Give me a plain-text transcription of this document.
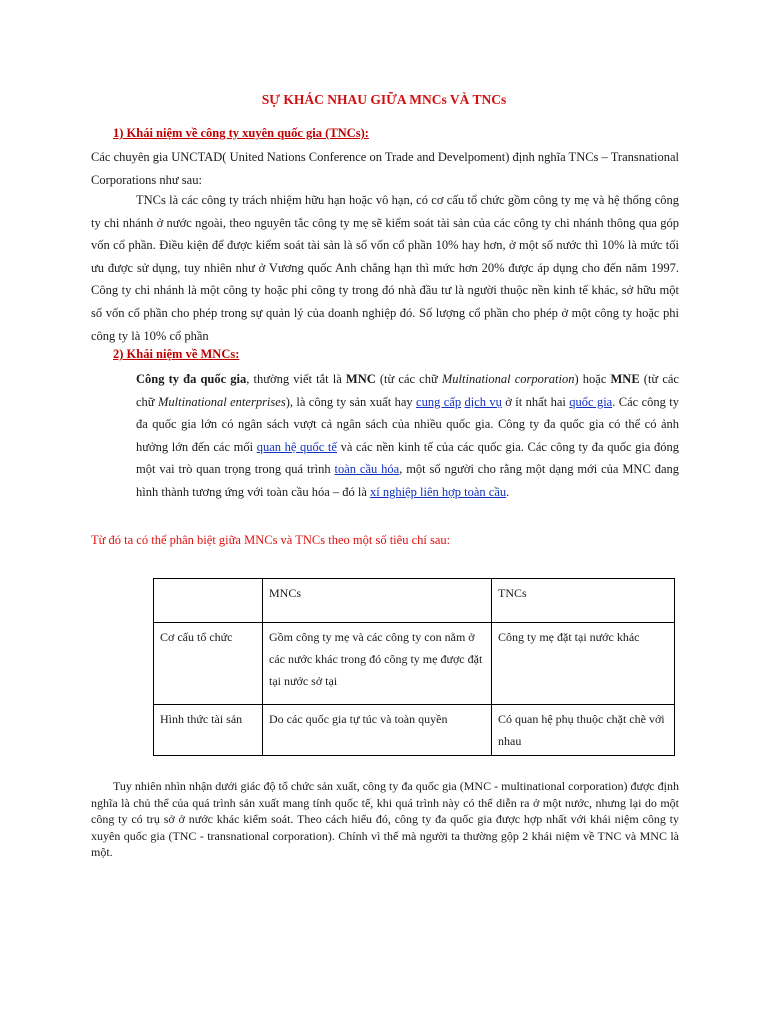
SỰ KHÁC NHAU GIỮA MNCs VÀ TNCs
1) Khái niệm về công ty xuyên quốc gia (TNCs):
Các chuyên gia UNCTAD( United Nations Conference on Trade and Develpoment) định nghĩa TNCs – Transnational Corporations như sau:
TNCs là các công ty trách nhiệm hữu hạn hoặc vô hạn, có cơ cấu tổ chức gồm công ty mẹ và hệ thống công ty chi nhánh ở nước ngoài, theo nguyên tắc công ty mẹ sẽ kiểm soát tài sản của các công ty chi nhánh thông qua góp vốn cổ phần. Điều kiện để được kiểm soát tài sản là số vốn cổ phần 10% hay hơn, ở một số nước thì 10% là mức tối ưu được sử dụng, tuy nhiên như ở Vương quốc Anh chẳng hạn thì mức hơn 20% được áp dụng cho đến năm 1997. Công ty chi nhánh là một công ty hoặc phi công ty trong đó nhà đầu tư là người thuộc nền kinh tế khác, sở hữu một số vốn cổ phần cho phép trong sự quản lý của doanh nghiệp đó. Số lượng cổ phần cho phép ở một công ty hoặc phi công ty là 10% cổ phần
2) Khái niệm về MNCs:
Công ty đa quốc gia, thường viết tắt là MNC (từ các chữ Multinational corporation) hoặc MNE (từ các chữ Multinational enterprises), là công ty sản xuất hay cung cấp dịch vụ ở ít nhất hai quốc gia. Các công ty đa quốc gia lớn có ngân sách vượt cả ngân sách của nhiều quốc gia. Công ty đa quốc gia có thể có ảnh hưởng lớn đến các mối quan hệ quốc tế và các nền kinh tế của các quốc gia. Các công ty đa quốc gia đóng một vai trò quan trọng trong quá trình toàn cầu hóa, một số người cho rằng một dạng mới của MNC đang hình thành tương ứng với toàn cầu hóa – đó là xí nghiệp liên hợp toàn cầu.
Từ đó ta có thể phân biệt giữa MNCs và TNCs theo một số tiêu chí sau:
	MNCs	TNCs
Cơ cấu tổ chức	Gồm công ty mẹ và các công ty con nằm ở các nước khác trong đó công ty mẹ được đặt tại nước sở tại	Công ty mẹ đặt tại nước khác
Hình thức tài sản	Do các quốc gia tự túc và toàn quyền	Có quan hệ phụ thuộc chặt chẽ với nhau
Tuy nhiên nhìn nhận dưới giác độ tổ chức sản xuất, công ty đa quốc gia (MNC - multinational corporation) được định nghĩa là chủ thể của quá trình sản xuất mang tính quốc tế, khi quá trình này có thể diễn ra ở một nước, nhưng lại do một công ty có trụ sở ở nước khác kiểm soát. Theo cách hiểu đó, công ty đa quốc gia được hợp nhất với khái niệm công ty xuyên quốc gia (TNC - transnational corporation). Chính vì thế mà người ta thường gộp 2 khái niệm về TNC và MNC là một.
